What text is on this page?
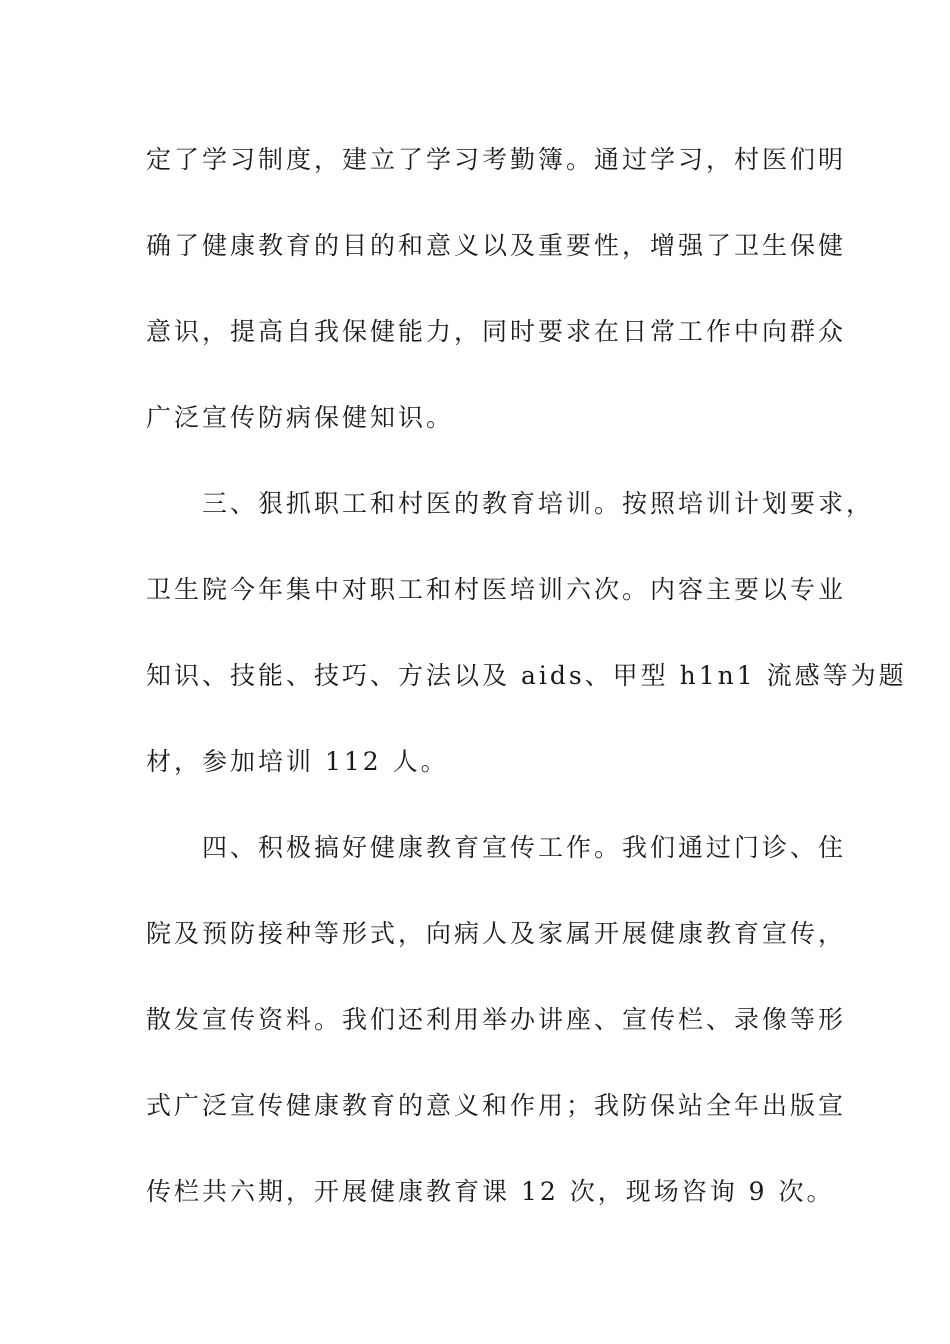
定了学习制度，建立了学习考勤簿。通过学习，村医们明
确了健康教育的目的和意义以及重要性，增强了卫生保健
意识，提高自我保健能力，同时要求在日常工作中向群众
广泛宣传防病保健知识。
　　三、狠抓职工和村医的教育培训。按照培训计划要求，
卫生院今年集中对职工和村医培训六次。内容主要以专业
知识、技能、技巧、方法以及 aids、甲型 h1n1 流感等为题
材，参加培训 112 人。
　　四、积极搞好健康教育宣传工作。我们通过门诊、住
院及预防接种等形式，向病人及家属开展健康教育宣传，
散发宣传资料。我们还利用举办讲座、宣传栏、录像等形
式广泛宣传健康教育的意义和作用；我防保站全年出版宣
传栏共六期，开展健康教育课 12 次，现场咨询 9 次。
